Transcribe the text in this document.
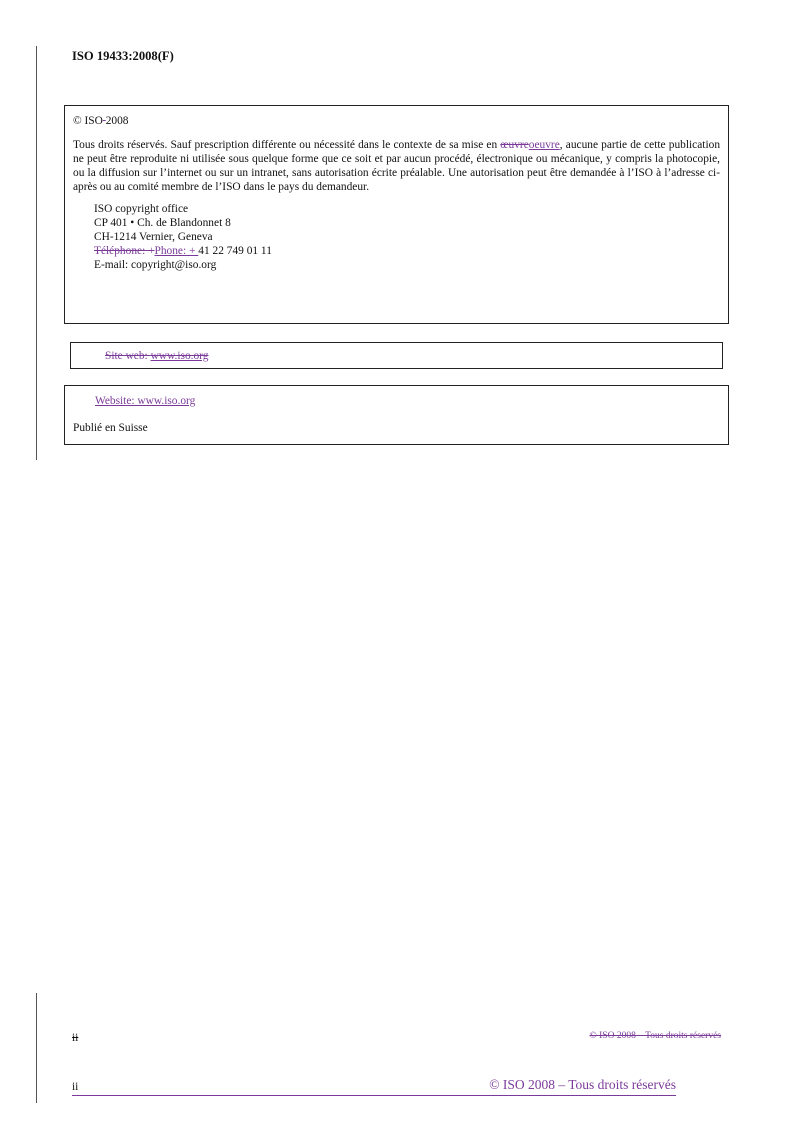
ISO 19433:2008(F)
© ISO 2008
Tous droits réservés. Sauf prescription différente ou nécessité dans le contexte de sa mise en œuvreoeuvre, aucune partie de cette publication ne peut être reproduite ni utilisée sous quelque forme que ce soit et par aucun procédé, électronique ou mécanique, y compris la photocopie, ou la diffusion sur l’internet ou sur un intranet, sans autorisation écrite préalable. Une autorisation peut être demandée à l’ISO à l’adresse ci-après ou au comité membre de l’ISO dans le pays du demandeur.
ISO copyright office
CP 401 • Ch. de Blandonnet 8
CH-1214 Vernier, Geneva
Téléphone: +Phone: + 41 22 749 01 11
E-mail: copyright@iso.org
Site web: www.iso.org
Website: www.iso.org
Publié en Suisse
ii	© ISO 2008 – Tous droits réservés
ii	© ISO 2008 – Tous droits réservés
